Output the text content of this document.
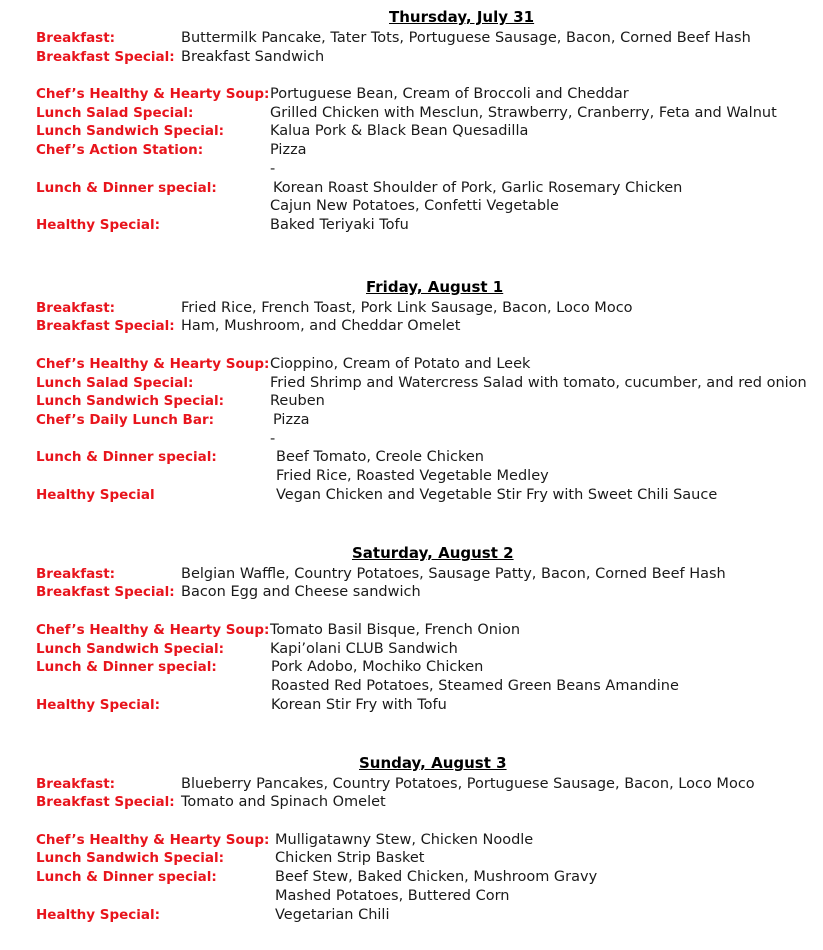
Thursday, July 31
Breakfast:	Buttermilk Pancake, Tater Tots, Portuguese Sausage, Bacon, Corned Beef Hash
Breakfast Special: Breakfast Sandwich
Chef’s Healthy & Hearty Soup: Portuguese Bean, Cream of Broccoli and Cheddar
Lunch Salad Special:	Grilled Chicken with Mesclun, Strawberry, Cranberry, Feta and Walnut
Lunch Sandwich Special:	Kalua Pork & Black Bean Quesadilla
Chef’s Action Station:	Pizza
-
Lunch & Dinner special:	Korean Roast Shoulder of Pork, Garlic Rosemary Chicken
Cajun New Potatoes, Confetti Vegetable
Healthy Special:	Baked Teriyaki Tofu
Friday, August 1
Breakfast:	Fried Rice, French Toast, Pork Link Sausage, Bacon, Loco Moco
Breakfast Special: Ham, Mushroom, and Cheddar Omelet
Chef’s Healthy & Hearty Soup: Cioppino, Cream of Potato and Leek
Lunch Salad Special:	Fried Shrimp and Watercress Salad with tomato, cucumber, and red onion
Lunch Sandwich Special:	Reuben
Chef’s Daily Lunch Bar:	Pizza
-
Lunch & Dinner special:	Beef Tomato, Creole Chicken
Fried Rice, Roasted Vegetable Medley
Healthy Special	Vegan Chicken and Vegetable Stir Fry with Sweet Chili Sauce
Saturday, August 2
Breakfast:	Belgian Waffle, Country Potatoes, Sausage Patty, Bacon, Corned Beef Hash
Breakfast Special: Bacon Egg and Cheese sandwich
Chef’s Healthy & Hearty Soup: Tomato Basil Bisque, French Onion
Lunch Sandwich Special:	Kapi’olani CLUB Sandwich
Lunch & Dinner special:	Pork Adobo, Mochiko Chicken
Roasted Red Potatoes, Steamed Green Beans Amandine
Healthy Special:	Korean Stir Fry with Tofu
Sunday, August 3
Breakfast:	Blueberry Pancakes, Country Potatoes, Portuguese Sausage, Bacon, Loco Moco
Breakfast Special: Tomato and Spinach Omelet
Chef’s Healthy & Hearty Soup: Mulligatawny Stew, Chicken Noodle
Lunch Sandwich Special:	Chicken Strip Basket
Lunch & Dinner special:	Beef Stew, Baked Chicken, Mushroom Gravy
Mashed Potatoes, Buttered Corn
Healthy Special:	Vegetarian Chili
